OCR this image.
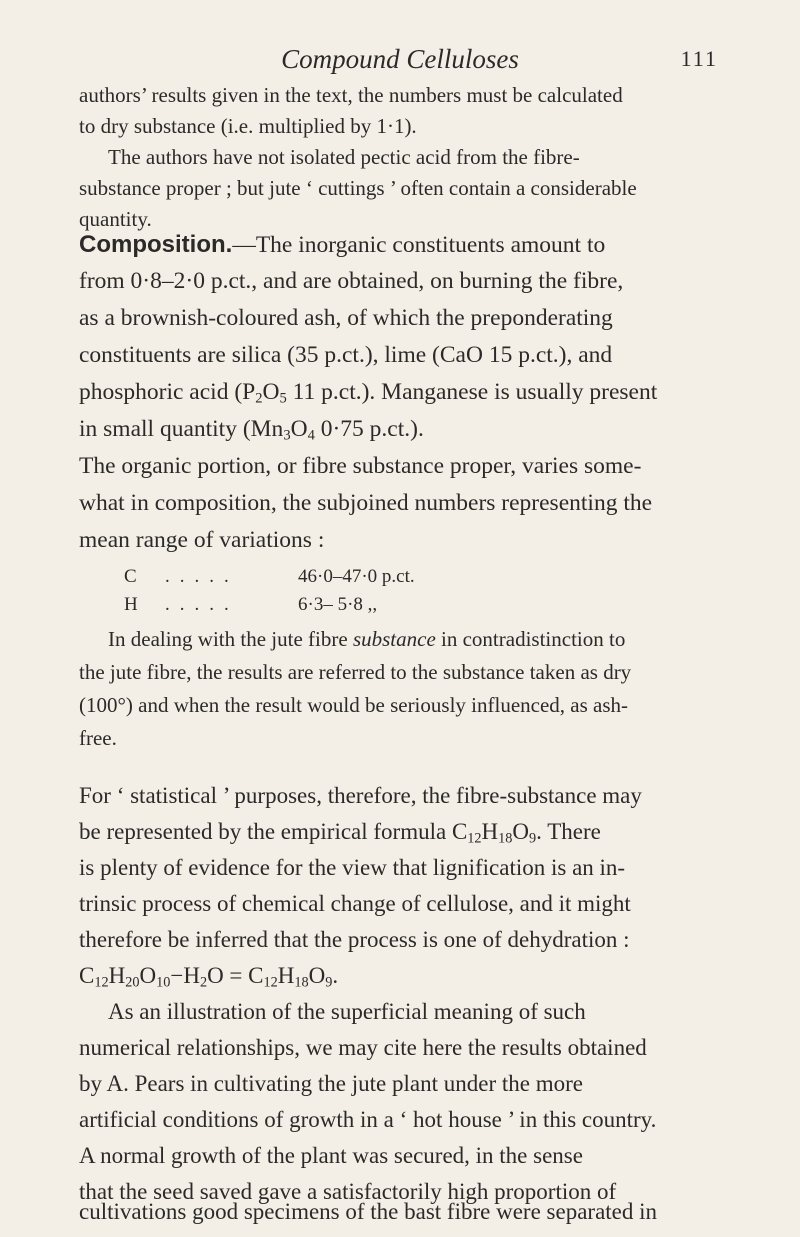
Compound Celluloses	111
authors’ results given in the text, the numbers must be calculated
to dry substance (i.e. multiplied by 1·1).
The authors have not isolated pectic acid from the fibre-
substance proper ; but jute ‘ cuttings ’ often contain a considerable
quantity.
Composition.—The inorganic constituents amount to
from 0·8–2·0 p.ct., and are obtained, on burning the fibre,
as a brownish-coloured ash, of which the preponderating
constituents are silica (35 p.ct.), lime (CaO 15 p.ct.), and
phosphoric acid ($P_2O_5$ 11 p.ct.). Manganese is usually present
in small quantity ($Mn_3O_4$ 0·75 p.ct.).
The organic portion, or fibre substance proper, varies some-
what in composition, the subjoined numbers representing the
mean range of variations :
C .....	46·0–47·0 p.ct.
H .....	6·3– 5·8 ,,
In dealing with the jute fibre substance in contradistinction to
the jute fibre, the results are referred to the substance taken as dry
(100°) and when the result would be seriously influenced, as ash-
free.
For ‘ statistical ’ purposes, therefore, the fibre-substance may
be represented by the empirical formula $C_{12}H_{18}O_9$. There
is plenty of evidence for the view that lignification is an in-
trinsic process of chemical change of cellulose, and it might
therefore be inferred that the process is one of dehydration :
$C_{12}H_{20}O_{10}-H_2O = C_{12}H_{18}O_9$.
As an illustration of the superficial meaning of such
numerical relationships, we may cite here the results obtained
by A. Pears in cultivating the jute plant under the more
artificial conditions of growth in a ‘ hot house ’ in this country.
A normal growth of the plant was secured, in the sense
that the seed saved gave a satisfactorily high proportion of
cultivations good specimens of the bast fibre were separated in
